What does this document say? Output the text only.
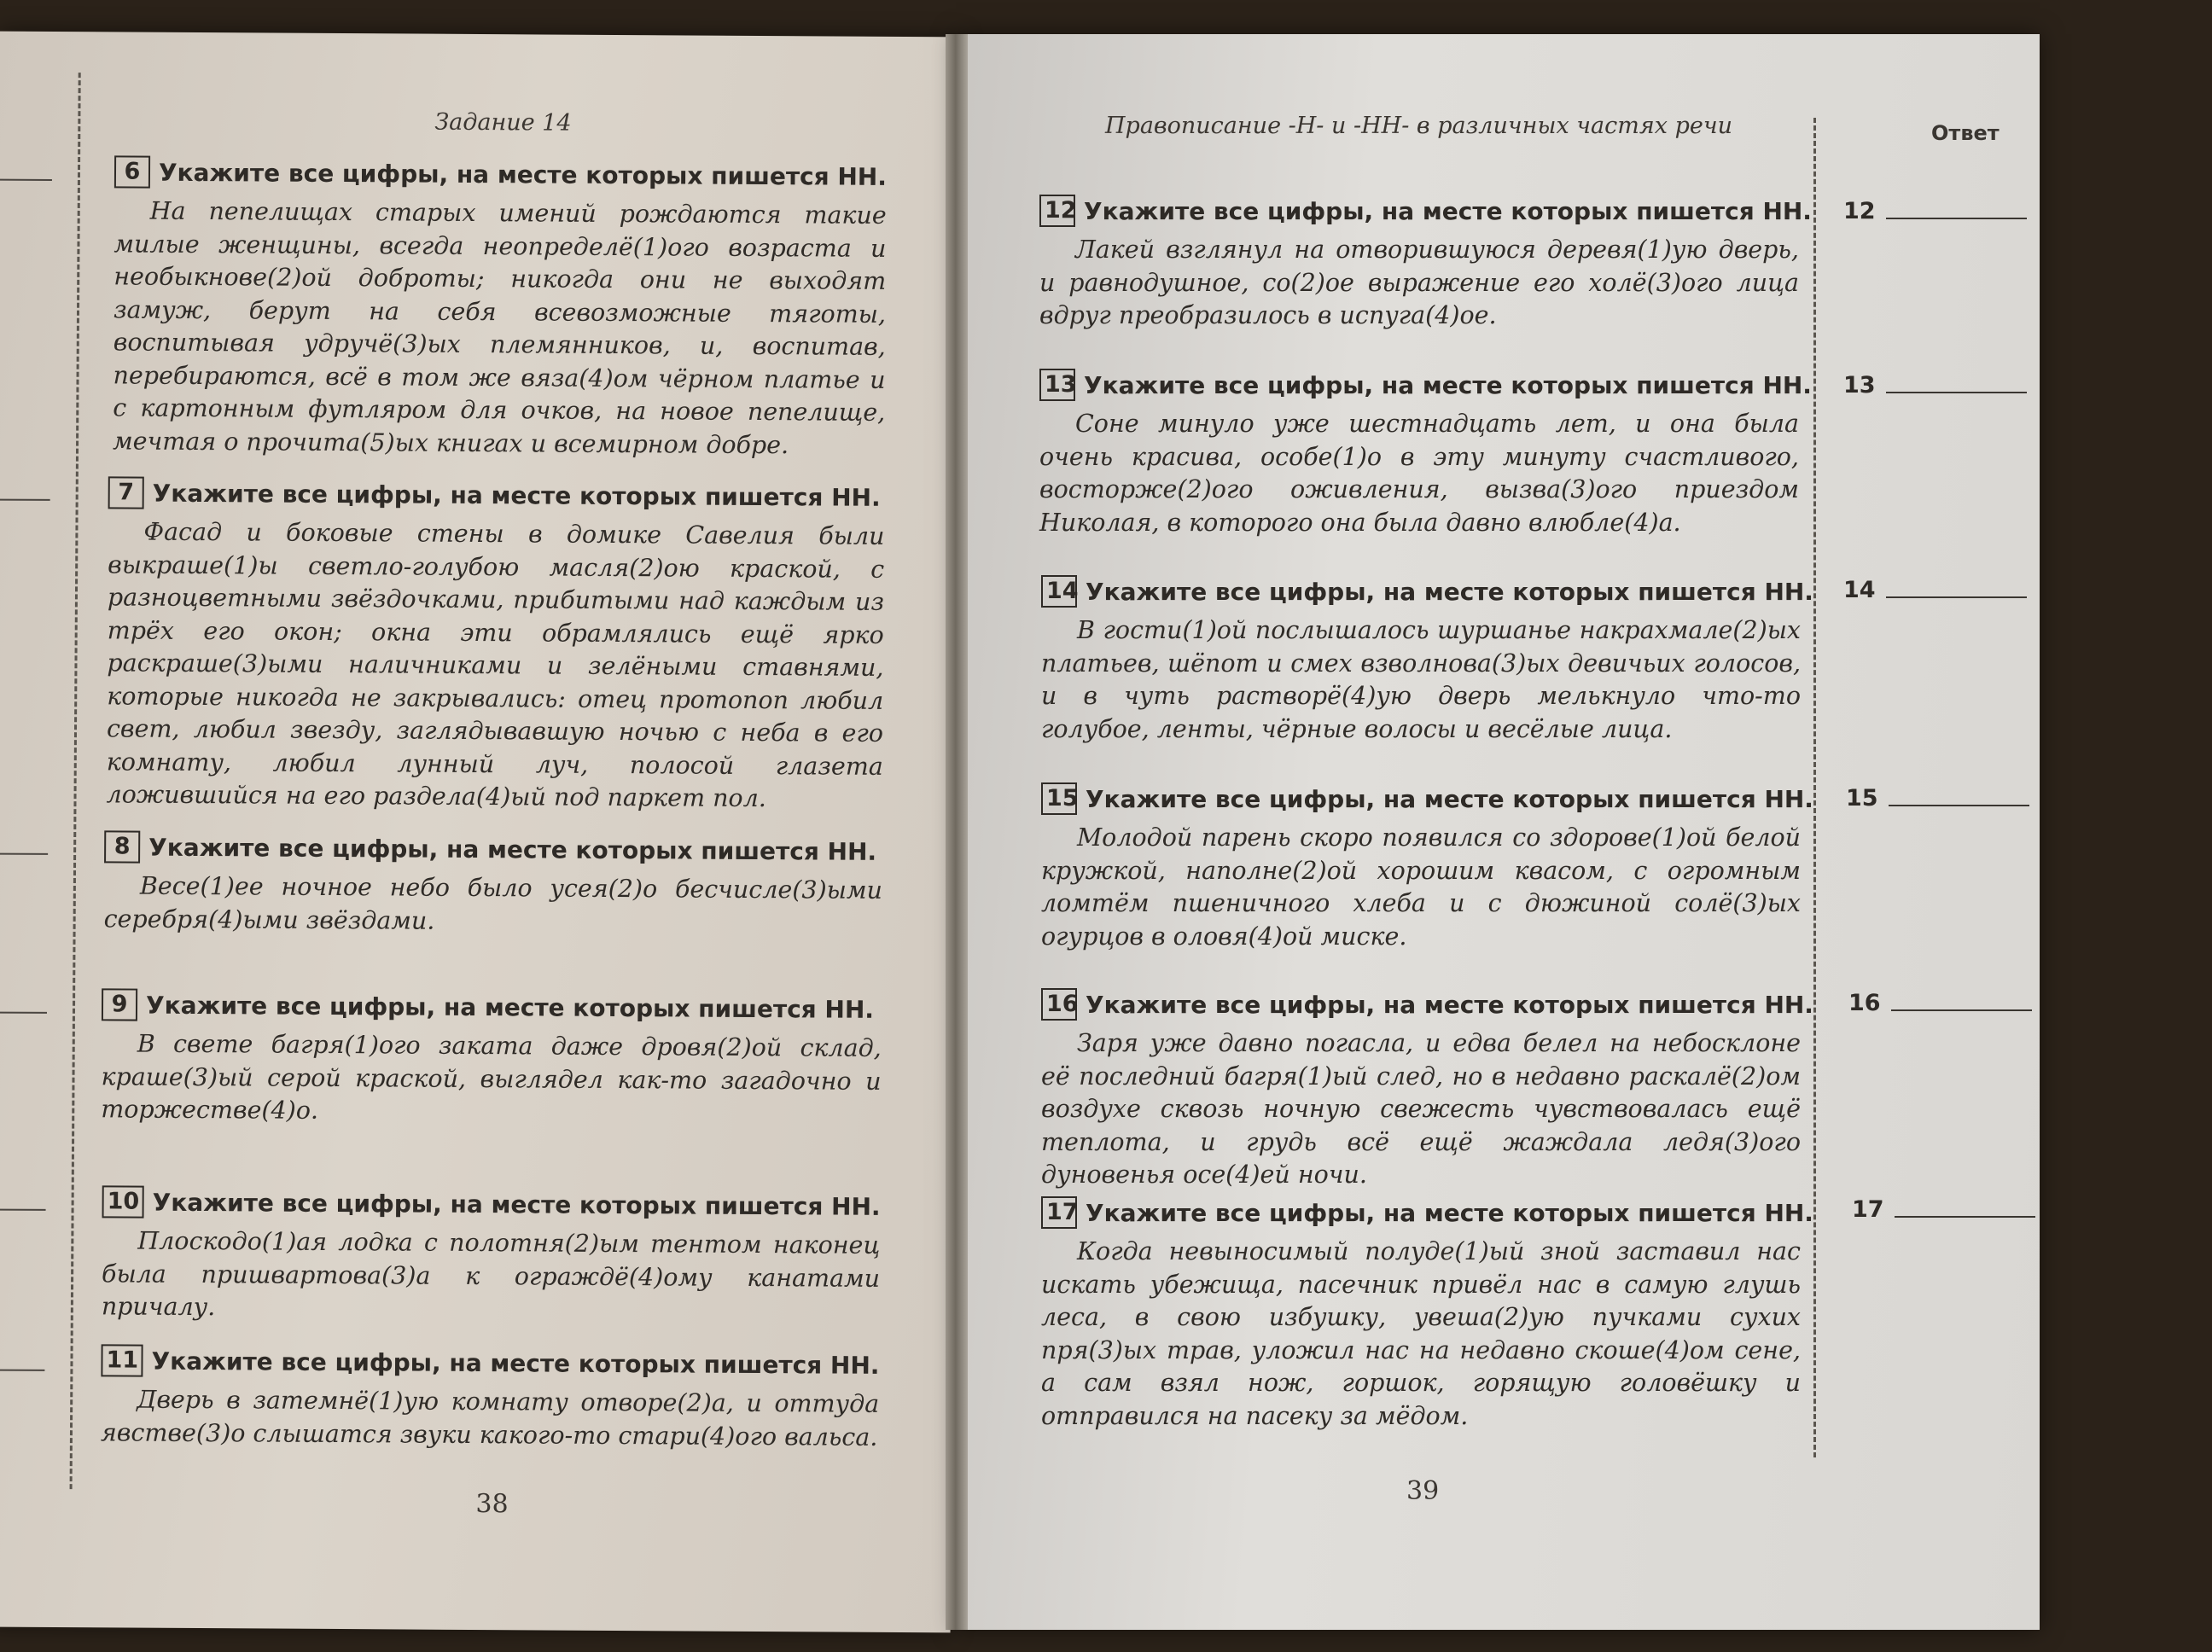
Задание 14
6 Укажите все цифры, на месте которых пишется НН.
На пепелищах старых имений рождаются такие милые женщины, всегда неопределё(1)ого возраста и необыкнове(2)ой доброты; никогда они не выходят замуж, берут на себя всевозможные тяготы, воспитывая удручё(3)ых племянников, и, воспитав, перебираются, всё в том же вяза(4)ом чёрном платье и с картонным футляром для очков, на новое пепелище, мечтая о прочита(5)ых книгах и всемирном добре.
7 Укажите все цифры, на месте которых пишется НН.
Фасад и боковые стены в домике Савелия были выкраше(1)ы светло-голубою масля(2)ою краской, с разноцветными звёздочками, прибитыми над каждым из трёх его окон; окна эти обрамлялись ещё ярко раскраше(3)ыми наличниками и зелёными ставнями, которые никогда не закрывались: отец протопоп любил свет, любил звезду, заглядывавшую ночью с неба в его комнату, любил лунный луч, полосой глазета ложившийся на его раздела(4)ый под паркет пол.
8 Укажите все цифры, на месте которых пишется НН.
Весе(1)ее ночное небо было усея(2)о бесчисле(3)ыми серебря(4)ыми звёздами.
9 Укажите все цифры, на месте которых пишется НН.
В свете багря(1)ого заката даже дровя(2)ой склад, краше(3)ый серой краской, выглядел как-то загадочно и торжестве(4)о.
10 Укажите все цифры, на месте которых пишется НН.
Плоскодо(1)ая лодка с полотня(2)ым тентом наконец была пришвартова(3)а к ограждё(4)ому канатами причалу.
11 Укажите все цифры, на месте которых пишется НН.
Дверь в затемнё(1)ую комнату отворе(2)а, и оттуда явстве(3)о слышатся звуки какого-то стари(4)ого вальса.
38
Правописание -Н- и -НН- в различных частях речи	Ответ
12 Укажите все цифры, на месте которых пишется НН.
Лакей взглянул на отворившуюся деревя(1)ую дверь, и равнодушное, со(2)ое выражение его холё(3)ого лица вдруг преобразилось в испуга(4)ое.
12
13 Укажите все цифры, на месте которых пишется НН.
Соне минуло уже шестнадцать лет, и она была очень красива, особе(1)о в эту минуту счастливого, восторже(2)ого оживления, вызва(3)ого приездом Николая, в которого она была давно влюбле(4)а.
13
14 Укажите все цифры, на месте которых пишется НН.
В гости(1)ой послышалось шуршанье накрахмале(2)ых платьев, шёпот и смех взволнова(3)ых девичьих голосов, и в чуть растворё(4)ую дверь мелькнуло что-то голубое, ленты, чёрные волосы и весёлые лица.
14
15 Укажите все цифры, на месте которых пишется НН.
Молодой парень скоро появился со здорове(1)ой белой кружкой, наполне(2)ой хорошим квасом, с огромным ломтём пшеничного хлеба и с дюжиной солё(3)ых огурцов в оловя(4)ой миске.
15
16 Укажите все цифры, на месте которых пишется НН.
Заря уже давно погасла, и едва белел на небосклоне её последний багря(1)ый след, но в недавно раскалё(2)ом воздухе сквозь ночную свежесть чувствовалась ещё теплота, и грудь всё ещё жаждала ледя(3)ого дуновенья осе(4)ей ночи.
16
17 Укажите все цифры, на месте которых пишется НН.
Когда невыносимый полуде(1)ый зной заставил нас искать убежища, пасечник привёл нас в самую глушь леса, в свою избушку, увеша(2)ую пучками сухих пря(3)ых трав, уложил нас на недавно скоше(4)ом сене, а сам взял нож, горшок, горящую головёшку и отправился на пасеку за мёдом.
17
39
